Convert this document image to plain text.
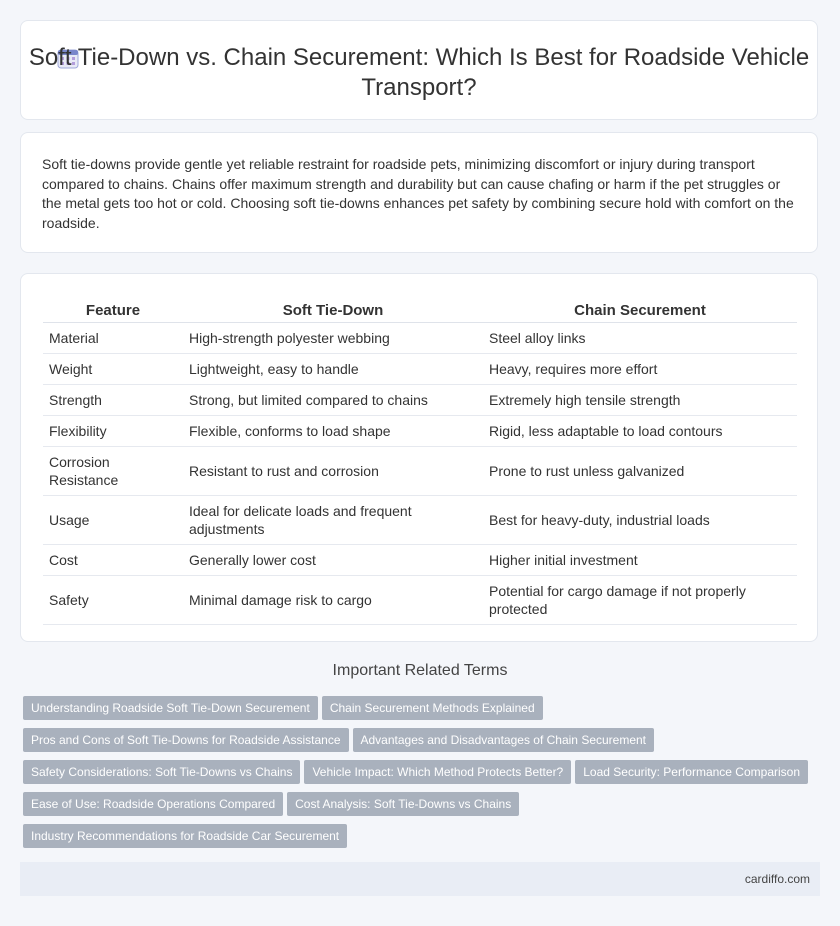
Soft Tie-Down vs. Chain Securement: Which Is Best for Roadside Vehicle Transport?
Soft tie-downs provide gentle yet reliable restraint for roadside pets, minimizing discomfort or injury during transport compared to chains. Chains offer maximum strength and durability but can cause chafing or harm if the pet struggles or the metal gets too hot or cold. Choosing soft tie-downs enhances pet safety by combining secure hold with comfort on the roadside.
Feature	Soft Tie-Down	Chain Securement
Material	High-strength polyester webbing	Steel alloy links
Weight	Lightweight, easy to handle	Heavy, requires more effort
Strength	Strong, but limited compared to chains	Extremely high tensile strength
Flexibility	Flexible, conforms to load shape	Rigid, less adaptable to load contours
Corrosion Resistance	Resistant to rust and corrosion	Prone to rust unless galvanized
Usage	Ideal for delicate loads and frequent adjustments	Best for heavy-duty, industrial loads
Cost	Generally lower cost	Higher initial investment
Safety	Minimal damage risk to cargo	Potential for cargo damage if not properly protected
Important Related Terms
Understanding Roadside Soft Tie-Down Securement Chain Securement Methods Explained
Pros and Cons of Soft Tie-Downs for Roadside Assistance Advantages and Disadvantages of Chain Securement
Safety Considerations: Soft Tie-Downs vs Chains Vehicle Impact: Which Method Protects Better? Load Security: Performance Comparison
Ease of Use: Roadside Operations Compared Cost Analysis: Soft Tie-Downs vs Chains
Industry Recommendations for Roadside Car Securement
cardiffo.com
